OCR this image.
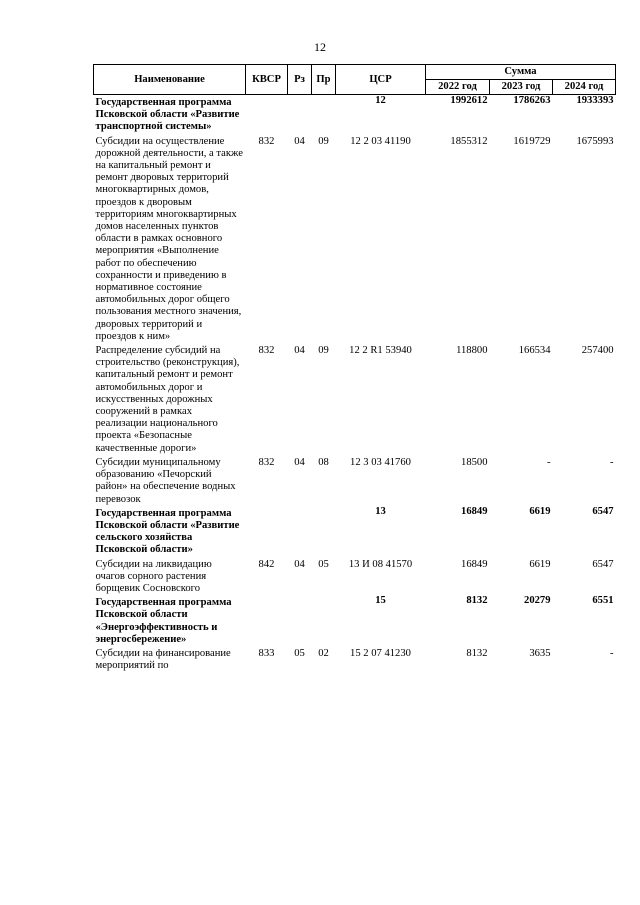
12
Наименование	КВСР	Рз	Пр	ЦСР	Сумма		
					2022 год	2023 год	2024 год
Государственная программа Псковской области «Развитие транспортной системы»				12	1992612	1786263	1933393
Субсидии на осуществление дорожной деятельности, а также на капитальный ремонт и ремонт дворовых территорий многоквартирных домов, проездов к дворовым территориям многоквартирных домов населенных пунктов области в рамках основного мероприятия «Выполнение работ по обеспечению сохранности и приведению в нормативное состояние автомобильных дорог общего пользования местного значения, дворовых территорий и проездов к ним»	832	04	09	12 2 03 41190	1855312	1619729	1675993
Распределение субсидий на строительство (реконструкция), капитальный ремонт и ремонт автомобильных дорог и искусственных дорожных сооружений в рамках реализации национального проекта «Безопасные качественные дороги»	832	04	09	12 2 R1 53940	118800	166534	257400
Субсидии муниципальному образованию «Печорский район» на обеспечение водных перевозок	832	04	08	12 3 03 41760	18500	-	-
Государственная программа Псковской области «Развитие сельского хозяйства Псковской области»				13	16849	6619	6547
Субсидии на ликвидацию очагов сорного растения борщевик Сосновского	842	04	05	13 И 08 41570	16849	6619	6547
Государственная программа Псковской области «Энергоэффективность и энергосбережение»				15	8132	20279	6551
Субсидии на финансирование мероприятий по	833	05	02	15 2 07 41230	8132	3635	-
